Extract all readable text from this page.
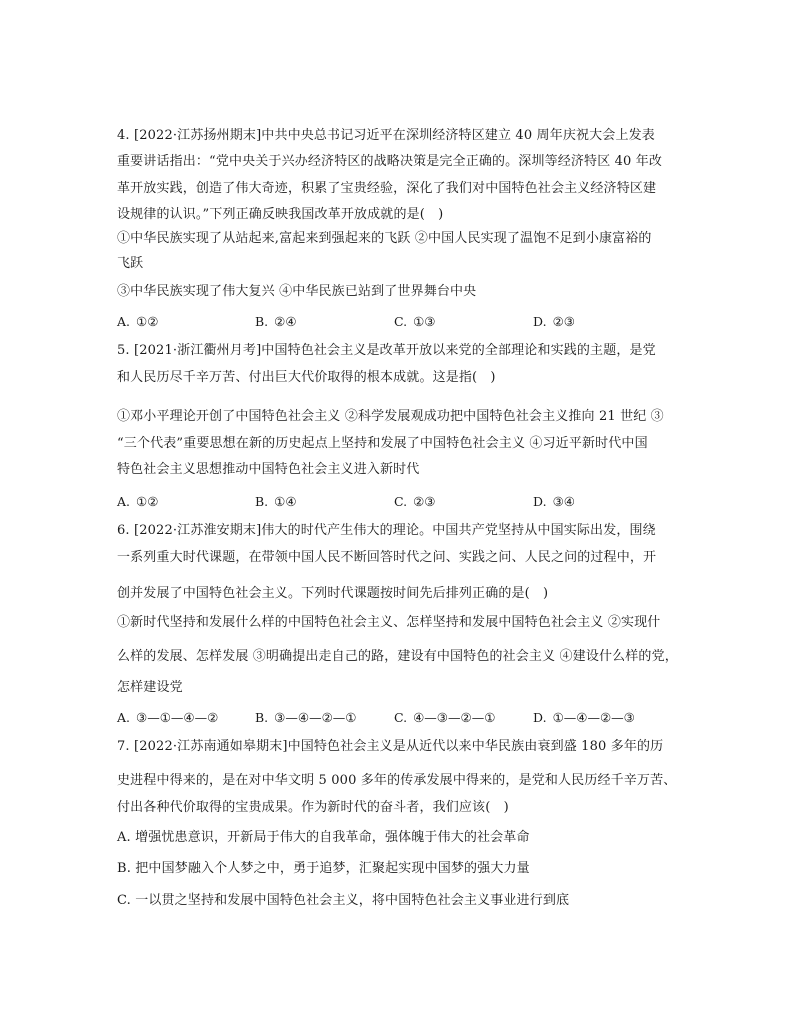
4. [2022·江苏扬州期末]中共中央总书记习近平在深圳经济特区建立 40 周年庆祝大会上发表
重要讲话指出：“党中央关于兴办经济特区的战略决策是完全正确的。深圳等经济特区 40 年改
革开放实践，创造了伟大奇迹，积累了宝贵经验，深化了我们对中国特色社会主义经济特区建
设规律的认识。”下列正确反映我国改革开放成就的是(　)
①中华民族实现了从站起来,富起来到强起来的飞跃 ②中国人民实现了温饱不足到小康富裕的
飞跃
③中华民族实现了伟大复兴 ④中华民族已站到了世界舞台中央
A. ①②	B. ②④	C. ①③	D. ②③
5. [2021·浙江衢州月考]中国特色社会主义是改革开放以来党的全部理论和实践的主题，是党
和人民历尽千辛万苦、付出巨大代价取得的根本成就。这是指(　)
①邓小平理论开创了中国特色社会主义 ②科学发展观成功把中国特色社会主义推向 21 世纪 ③
“三个代表”重要思想在新的历史起点上坚持和发展了中国特色社会主义 ④习近平新时代中国
特色社会主义思想推动中国特色社会主义进入新时代
A. ①②	B. ①④	C. ②③	D. ③④
6. [2022·江苏淮安期末]伟大的时代产生伟大的理论。中国共产党坚持从中国实际出发，围绕
一系列重大时代课题，在带领中国人民不断回答时代之问、实践之问、人民之问的过程中，开
创并发展了中国特色社会主义。下列时代课题按时间先后排列正确的是(　)
①新时代坚持和发展什么样的中国特色社会主义、怎样坚持和发展中国特色社会主义 ②实现什
么样的发展、怎样发展 ③明确提出走自己的路，建设有中国特色的社会主义 ④建设什么样的党，
怎样建设党
A. ③—①—④—②	B. ③—④—②—①	C. ④—③—②—①	D. ①—④—②—③
7. [2022·江苏南通如皋期末]中国特色社会主义是从近代以来中华民族由衰到盛 180 多年的历
史进程中得来的，是在对中华文明 5 000 多年的传承发展中得来的，是党和人民历经千辛万苦、
付出各种代价取得的宝贵成果。作为新时代的奋斗者，我们应该(　)
A. 增强忧患意识，开新局于伟大的自我革命，强体魄于伟大的社会革命
B. 把中国梦融入个人梦之中，勇于追梦，汇聚起实现中国梦的强大力量
C. 一以贯之坚持和发展中国特色社会主义，将中国特色社会主义事业进行到底
